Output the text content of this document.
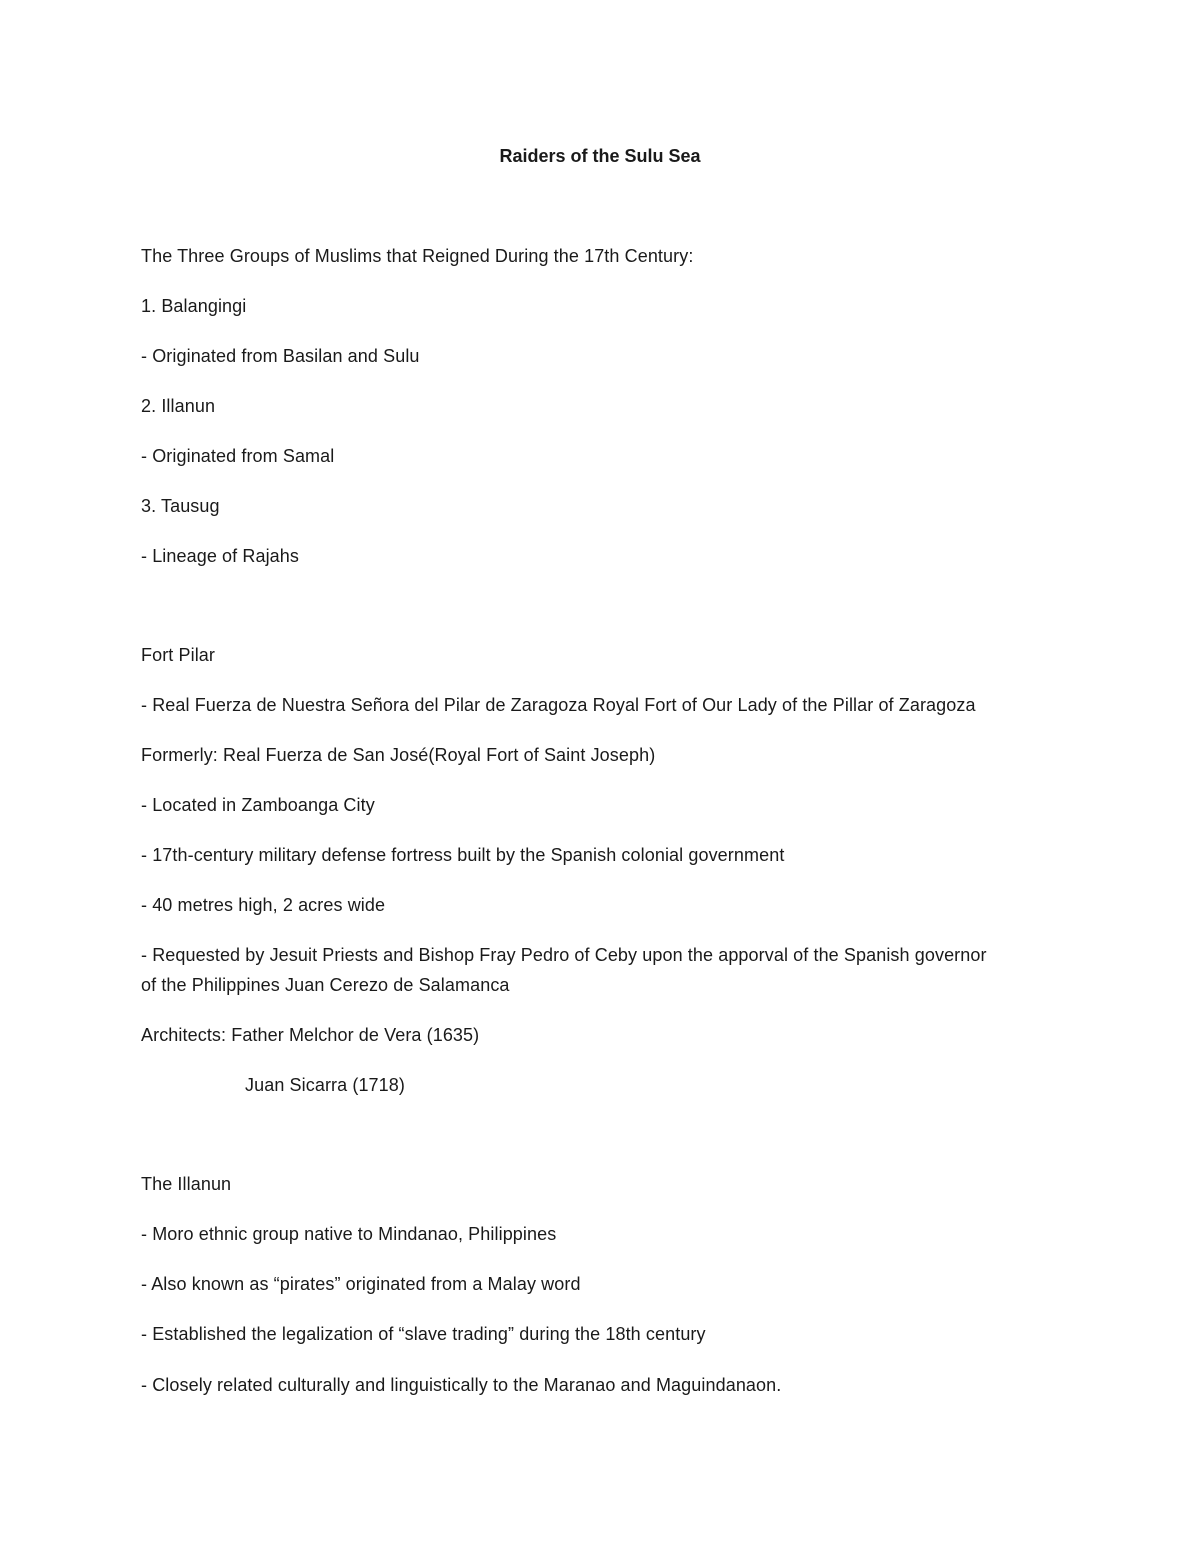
Raiders of the Sulu Sea
The Three Groups of Muslims that Reigned During the 17th Century:
1. Balangingi
- Originated from Basilan and Sulu
2. Illanun
- Originated from Samal
3. Tausug
- Lineage of Rajahs
Fort Pilar
- Real Fuerza de Nuestra Señora del Pilar de Zaragoza Royal Fort of Our Lady of the Pillar of Zaragoza
Formerly: Real Fuerza de San José(Royal Fort of Saint Joseph)
- Located in Zamboanga City
- 17th-century military defense fortress built by the Spanish colonial government
- 40 metres high, 2 acres wide
- Requested by Jesuit Priests and Bishop Fray Pedro of Ceby upon the apporval of the Spanish governor
of the Philippines Juan Cerezo de Salamanca
Architects: Father Melchor de Vera (1635)
Juan Sicarra (1718)
The Illanun
- Moro ethnic group native to Mindanao, Philippines
- Also known as “pirates” originated from a Malay word
- Established the legalization of “slave trading” during the 18th century
- Closely related culturally and linguistically to the Maranao and Maguindanaon.
